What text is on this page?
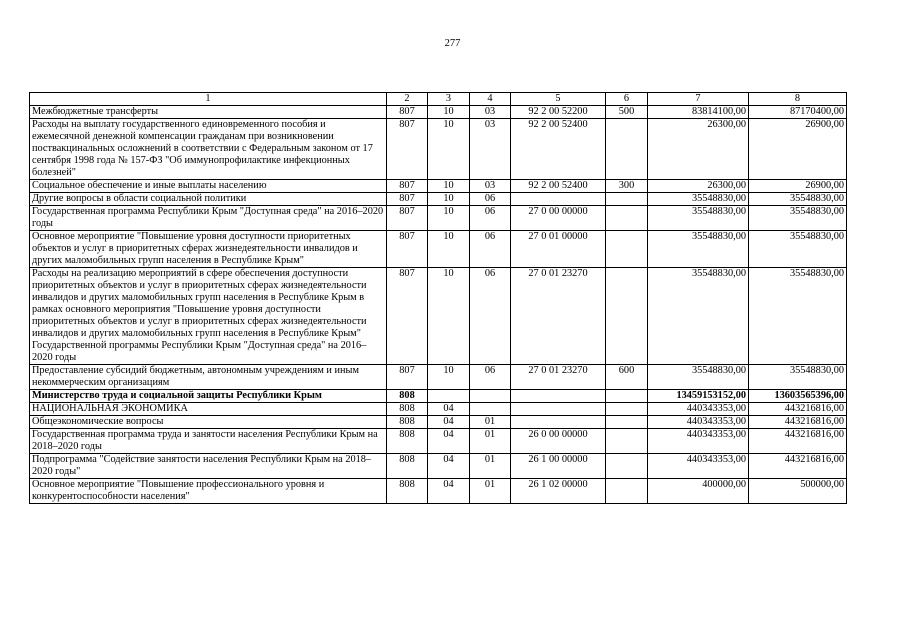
277
1	2	3	4	5	6	7	8
Межбюджетные трансферты	807	10	03	92 2 00 52200	500	83814100,00	87170400,00
Расходы на выплату государственного единовременного пособия и ежемесячной денежной компенсации гражданам при возникновении поствакцинальных осложнений в соответствии с Федеральным законом от 17 сентября 1998 года № 157-ФЗ "Об иммунопрофилактике инфекционных болезней"	807	10	03	92 2 00 52400		26300,00	26900,00
Социальное обеспечение и иные выплаты населению	807	10	03	92 2 00 52400	300	26300,00	26900,00
Другие вопросы в области социальной политики	807	10	06			35548830,00	35548830,00
Государственная программа Республики Крым "Доступная среда" на 2016–2020 годы	807	10	06	27 0 00 00000		35548830,00	35548830,00
Основное мероприятие "Повышение уровня доступности приоритетных объектов и услуг в приоритетных сферах жизнедеятельности инвалидов и других маломобильных групп населения в Республике Крым"	807	10	06	27 0 01 00000		35548830,00	35548830,00
Расходы на реализацию мероприятий в сфере обеспечения доступности приоритетных объектов и услуг в приоритетных сферах жизнедеятельности инвалидов и других маломобильных групп населения в Республике Крым в рамках основного мероприятия "Повышение уровня доступности приоритетных объектов и услуг в приоритетных сферах жизнедеятельности инвалидов и других маломобильных групп населения в Республике Крым" Государственной программы Республики Крым "Доступная среда" на 2016–2020 годы	807	10	06	27 0 01 23270		35548830,00	35548830,00
Предоставление субсидий бюджетным, автономным учреждениям и иным некоммерческим организациям	807	10	06	27 0 01 23270	600	35548830,00	35548830,00
Министерство труда и социальной защиты Республики Крым	808					13459153152,00	13603565396,00
НАЦИОНАЛЬНАЯ ЭКОНОМИКА	808	04				440343353,00	443216816,00
Общеэкономические вопросы	808	04	01			440343353,00	443216816,00
Государственная программа труда и занятости населения Республики Крым на 2018–2020 годы	808	04	01	26 0 00 00000		440343353,00	443216816,00
Подпрограмма "Содействие занятости населения Республики Крым на 2018–2020 годы"	808	04	01	26 1 00 00000		440343353,00	443216816,00
Основное мероприятие "Повышение профессионального уровня и конкурентоспособности населения"	808	04	01	26 1 02 00000		400000,00	500000,00
